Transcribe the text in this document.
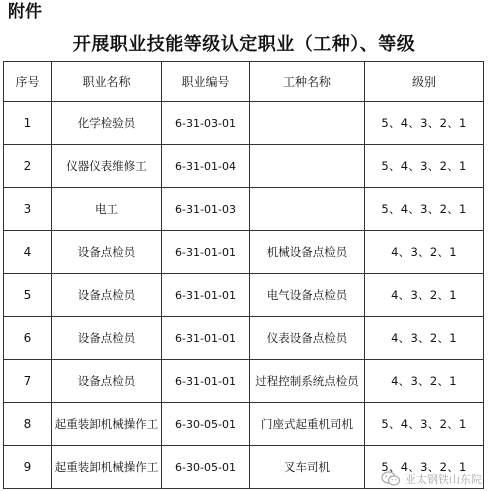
附件
开展职业技能等级认定职业（工种）、等级
序号	职业名称	职业编号	工种名称	级别
1	化学检验员	6-31-03-01		5、4、3、2、1
2	仪器仪表维修工	6-31-01-04		5、4、3、2、1
3	电工	6-31-01-03		5、4、3、2、1
4	设备点检员	6-31-01-01	机械设备点检员	4、3、2、1
5	设备点检员	6-31-01-01	电气设备点检员	4、3、2、1
6	设备点检员	6-31-01-01	仪表设备点检员	4、3、2、1
7	设备点检员	6-31-01-01	过程控制系统点检员	4、3、2、1
8	起重装卸机械操作工	6-30-05-01	门座式起重机司机	5、4、3、2、1
9	起重装卸机械操作工	6-30-05-01	叉车司机	5、4、3、2、1
亚太钢铁山东院
